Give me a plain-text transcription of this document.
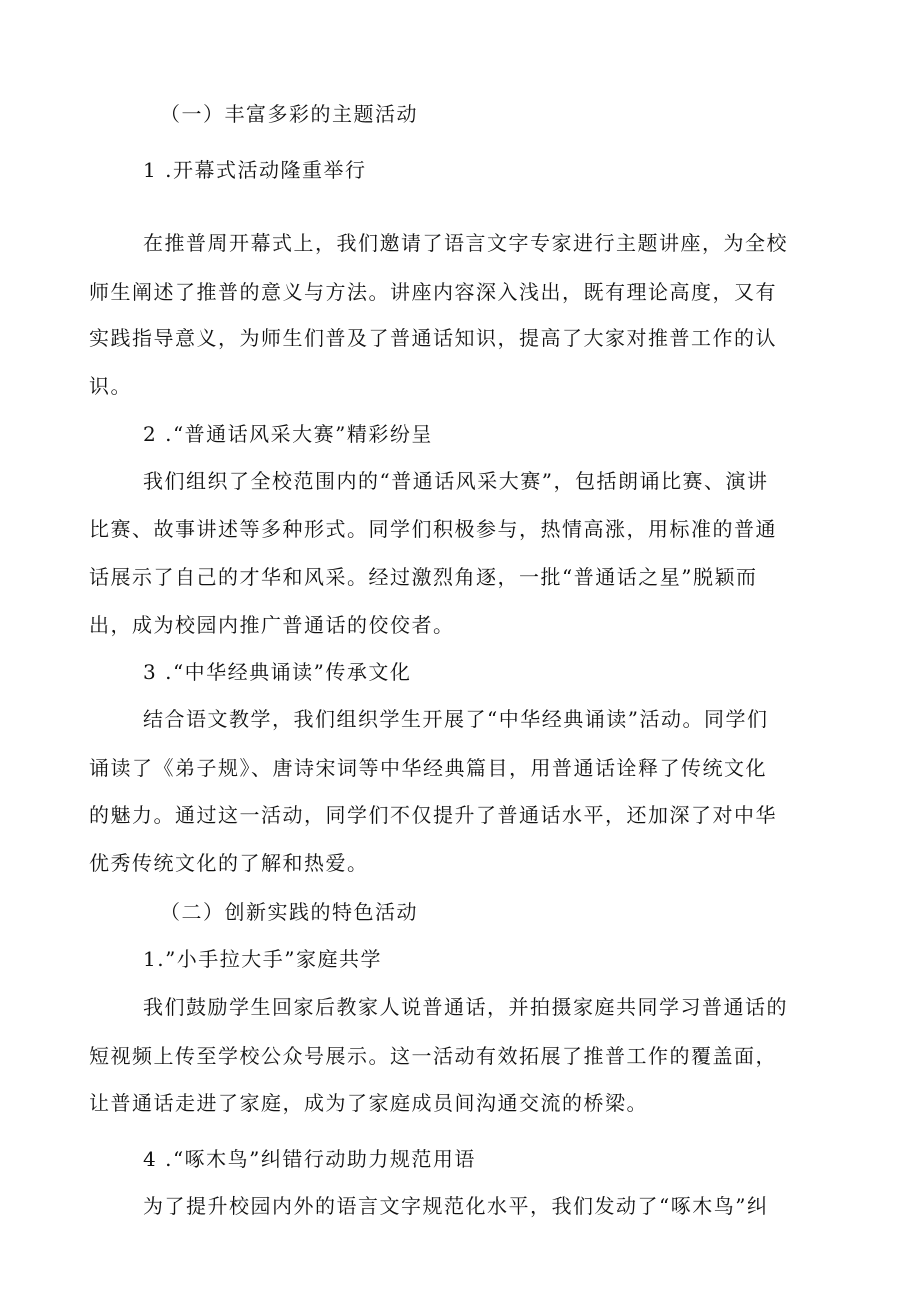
（一）丰富多彩的主题活动
1 .开幕式活动隆重举行
在推普周开幕式上，我们邀请了语言文字专家进行主题讲座，为全校
师生阐述了推普的意义与方法。讲座内容深入浅出，既有理论高度，又有
实践指导意义，为师生们普及了普通话知识，提高了大家对推普工作的认
识。
2 .“普通话风采大赛”精彩纷呈
我们组织了全校范围内的“普通话风采大赛”，包括朗诵比赛、演讲
比赛、故事讲述等多种形式。同学们积极参与，热情高涨，用标准的普通
话展示了自己的才华和风采。经过激烈角逐，一批“普通话之星”脱颖而
出，成为校园内推广普通话的佼佼者。
3 .“中华经典诵读”传承文化
结合语文教学，我们组织学生开展了“中华经典诵读”活动。同学们
诵读了《弟子规》、唐诗宋词等中华经典篇目，用普通话诠释了传统文化
的魅力。通过这一活动，同学们不仅提升了普通话水平，还加深了对中华
优秀传统文化的了解和热爱。
（二）创新实践的特色活动
1.”小手拉大手”家庭共学
我们鼓励学生回家后教家人说普通话，并拍摄家庭共同学习普通话的
短视频上传至学校公众号展示。这一活动有效拓展了推普工作的覆盖面，
让普通话走进了家庭，成为了家庭成员间沟通交流的桥梁。
4 .“啄木鸟”纠错行动助力规范用语
为了提升校园内外的语言文字规范化水平，我们发动了“啄木鸟”纠
